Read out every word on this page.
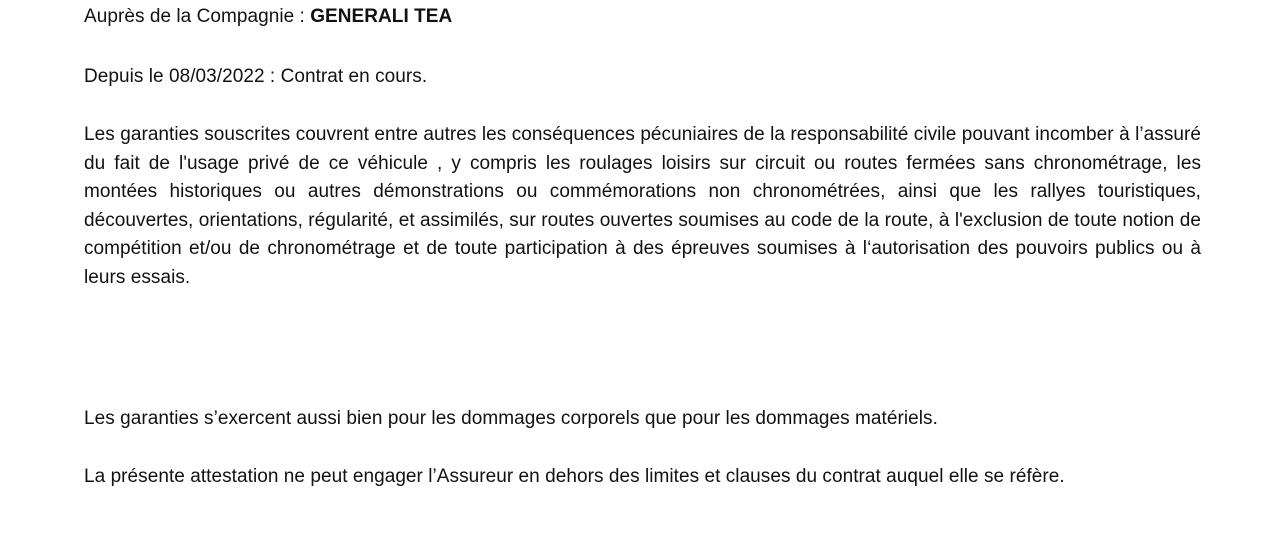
Auprès de la Compagnie : GENERALI TEA

Depuis le 08/03/2022 : Contrat en cours.

Les garanties souscrites couvrent entre autres les conséquences pécuniaires de la responsabilité civile pouvant incomber à l’assuré du fait de l'usage privé de ce véhicule , y compris les roulages loisirs sur circuit ou routes fermées sans chronométrage, les montées historiques ou autres démonstrations ou commémorations non chronométrées, ainsi que les rallyes touristiques, découvertes, orientations, régularité, et assimilés, sur routes ouvertes soumises au code de la route, à l'exclusion de toute notion de compétition et/ou de chronométrage et de toute participation à des épreuves soumises à l‘autorisation des pouvoirs publics ou à leurs essais.

Les garanties s’exercent aussi bien pour les dommages corporels que pour les dommages matériels.

La présente attestation ne peut engager l’Assureur en dehors des limites et clauses du contrat auquel elle se réfère.
